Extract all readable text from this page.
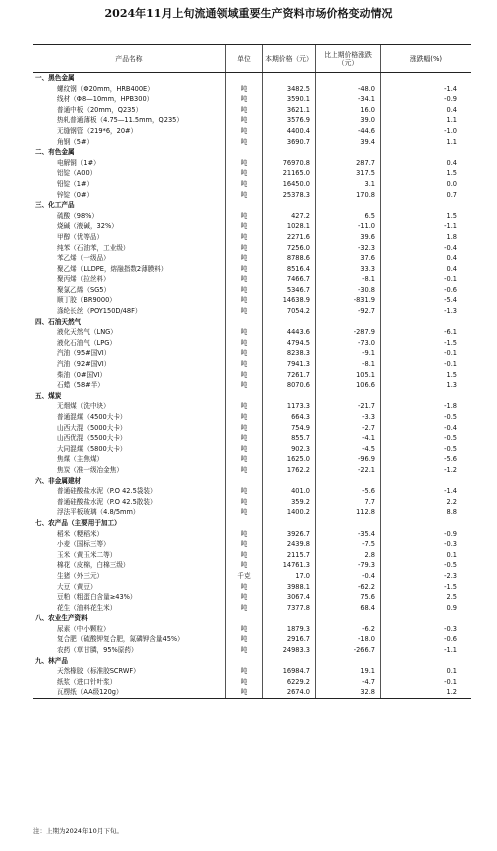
2024年11月上旬流通领域重要生产资料市场价格变动情况
产品名称	单位	本期价格（元）	比上期价格涨跌（元）	涨跌幅(%)
一、黑色金属
螺纹钢（Φ20mm，HRB400E）	吨	3482.5	-48.0	-1.4
线材（Φ8—10mm，HPB300）	吨	3590.1	-34.1	-0.9
普通中板（20mm，Q235）	吨	3621.1	16.0	0.4
热轧普通薄板（4.75—11.5mm，Q235）	吨	3576.9	39.0	1.1
无缝钢管（219*6，20#）	吨	4400.4	-44.6	-1.0
角钢（5#）	吨	3690.7	39.4	1.1
二、有色金属
电解铜（1#）	吨	76970.8	287.7	0.4
铝锭（A00）	吨	21165.0	317.5	1.5
铅锭（1#）	吨	16450.0	3.1	0.0
锌锭（0#）	吨	25378.3	170.8	0.7
三、化工产品
硫酸（98%）	吨	427.2	6.5	1.5
烧碱（液碱，32%）	吨	1028.1	-11.0	-1.1
甲醇（优等品）	吨	2271.6	39.6	1.8
纯苯（石油苯，工业级）	吨	7256.0	-32.3	-0.4
苯乙烯（一级品）	吨	8788.6	37.6	0.4
聚乙烯（LLDPE，熔融指数2薄膜料）	吨	8516.4	33.3	0.4
聚丙烯（拉丝料）	吨	7466.7	-8.1	-0.1
聚氯乙烯（SG5）	吨	5346.7	-30.8	-0.6
顺丁胶（BR9000）	吨	14638.9	-831.9	-5.4
涤纶长丝（POY150D/48F）	吨	7054.2	-92.7	-1.3
四、石油天然气
液化天然气（LNG）	吨	4443.6	-287.9	-6.1
液化石油气（LPG）	吨	4794.5	-73.0	-1.5
汽油（95#国VI）	吨	8238.3	-9.1	-0.1
汽油（92#国VI）	吨	7941.3	-8.1	-0.1
柴油（0#国VI）	吨	7261.7	105.1	1.5
石蜡（58#半）	吨	8070.6	106.6	1.3
五、煤炭
无烟煤（洗中块）	吨	1173.3	-21.7	-1.8
普通混煤（4500大卡）	吨	664.3	-3.3	-0.5
山西大混（5000大卡）	吨	754.9	-2.7	-0.4
山西优混（5500大卡）	吨	855.7	-4.1	-0.5
大同混煤（5800大卡）	吨	902.3	-4.5	-0.5
焦煤（主焦煤）	吨	1625.0	-96.9	-5.6
焦炭（准一级冶金焦）	吨	1762.2	-22.1	-1.2
六、非金属建材
普通硅酸盐水泥（P.O 42.5袋装）	吨	401.0	-5.6	-1.4
普通硅酸盐水泥（P.O 42.5散装）	吨	359.2	7.7	2.2
浮法平板玻璃（4.8/5mm）	吨	1400.2	112.8	8.8
七、农产品（主要用于加工）
稻米（粳稻米）	吨	3926.7	-35.4	-0.9
小麦（国标三等）	吨	2439.8	-7.5	-0.3
玉米（黄玉米二等）	吨	2115.7	2.8	0.1
棉花（皮棉，白棉三级）	吨	14761.3	-79.3	-0.5
生猪（外三元）	千克	17.0	-0.4	-2.3
大豆（黄豆）	吨	3988.1	-62.2	-1.5
豆粕（粗蛋白含量≥43%）	吨	3067.4	75.6	2.5
花生（油料花生米）	吨	7377.8	68.4	0.9
八、农业生产资料
尿素（中小颗粒）	吨	1879.3	-6.2	-0.3
复合肥（硫酸钾复合肥，氮磷钾含量45%）	吨	2916.7	-18.0	-0.6
农药（草甘膦，95%原药）	吨	24983.3	-266.7	-1.1
九、林产品
天然橡胶（标准胶SCRWF）	吨	16984.7	19.1	0.1
纸浆（进口针叶浆）	吨	6229.2	-4.7	-0.1
瓦楞纸（AA级120g）	吨	2674.0	32.8	1.2
注：上期为2024年10月下旬。
